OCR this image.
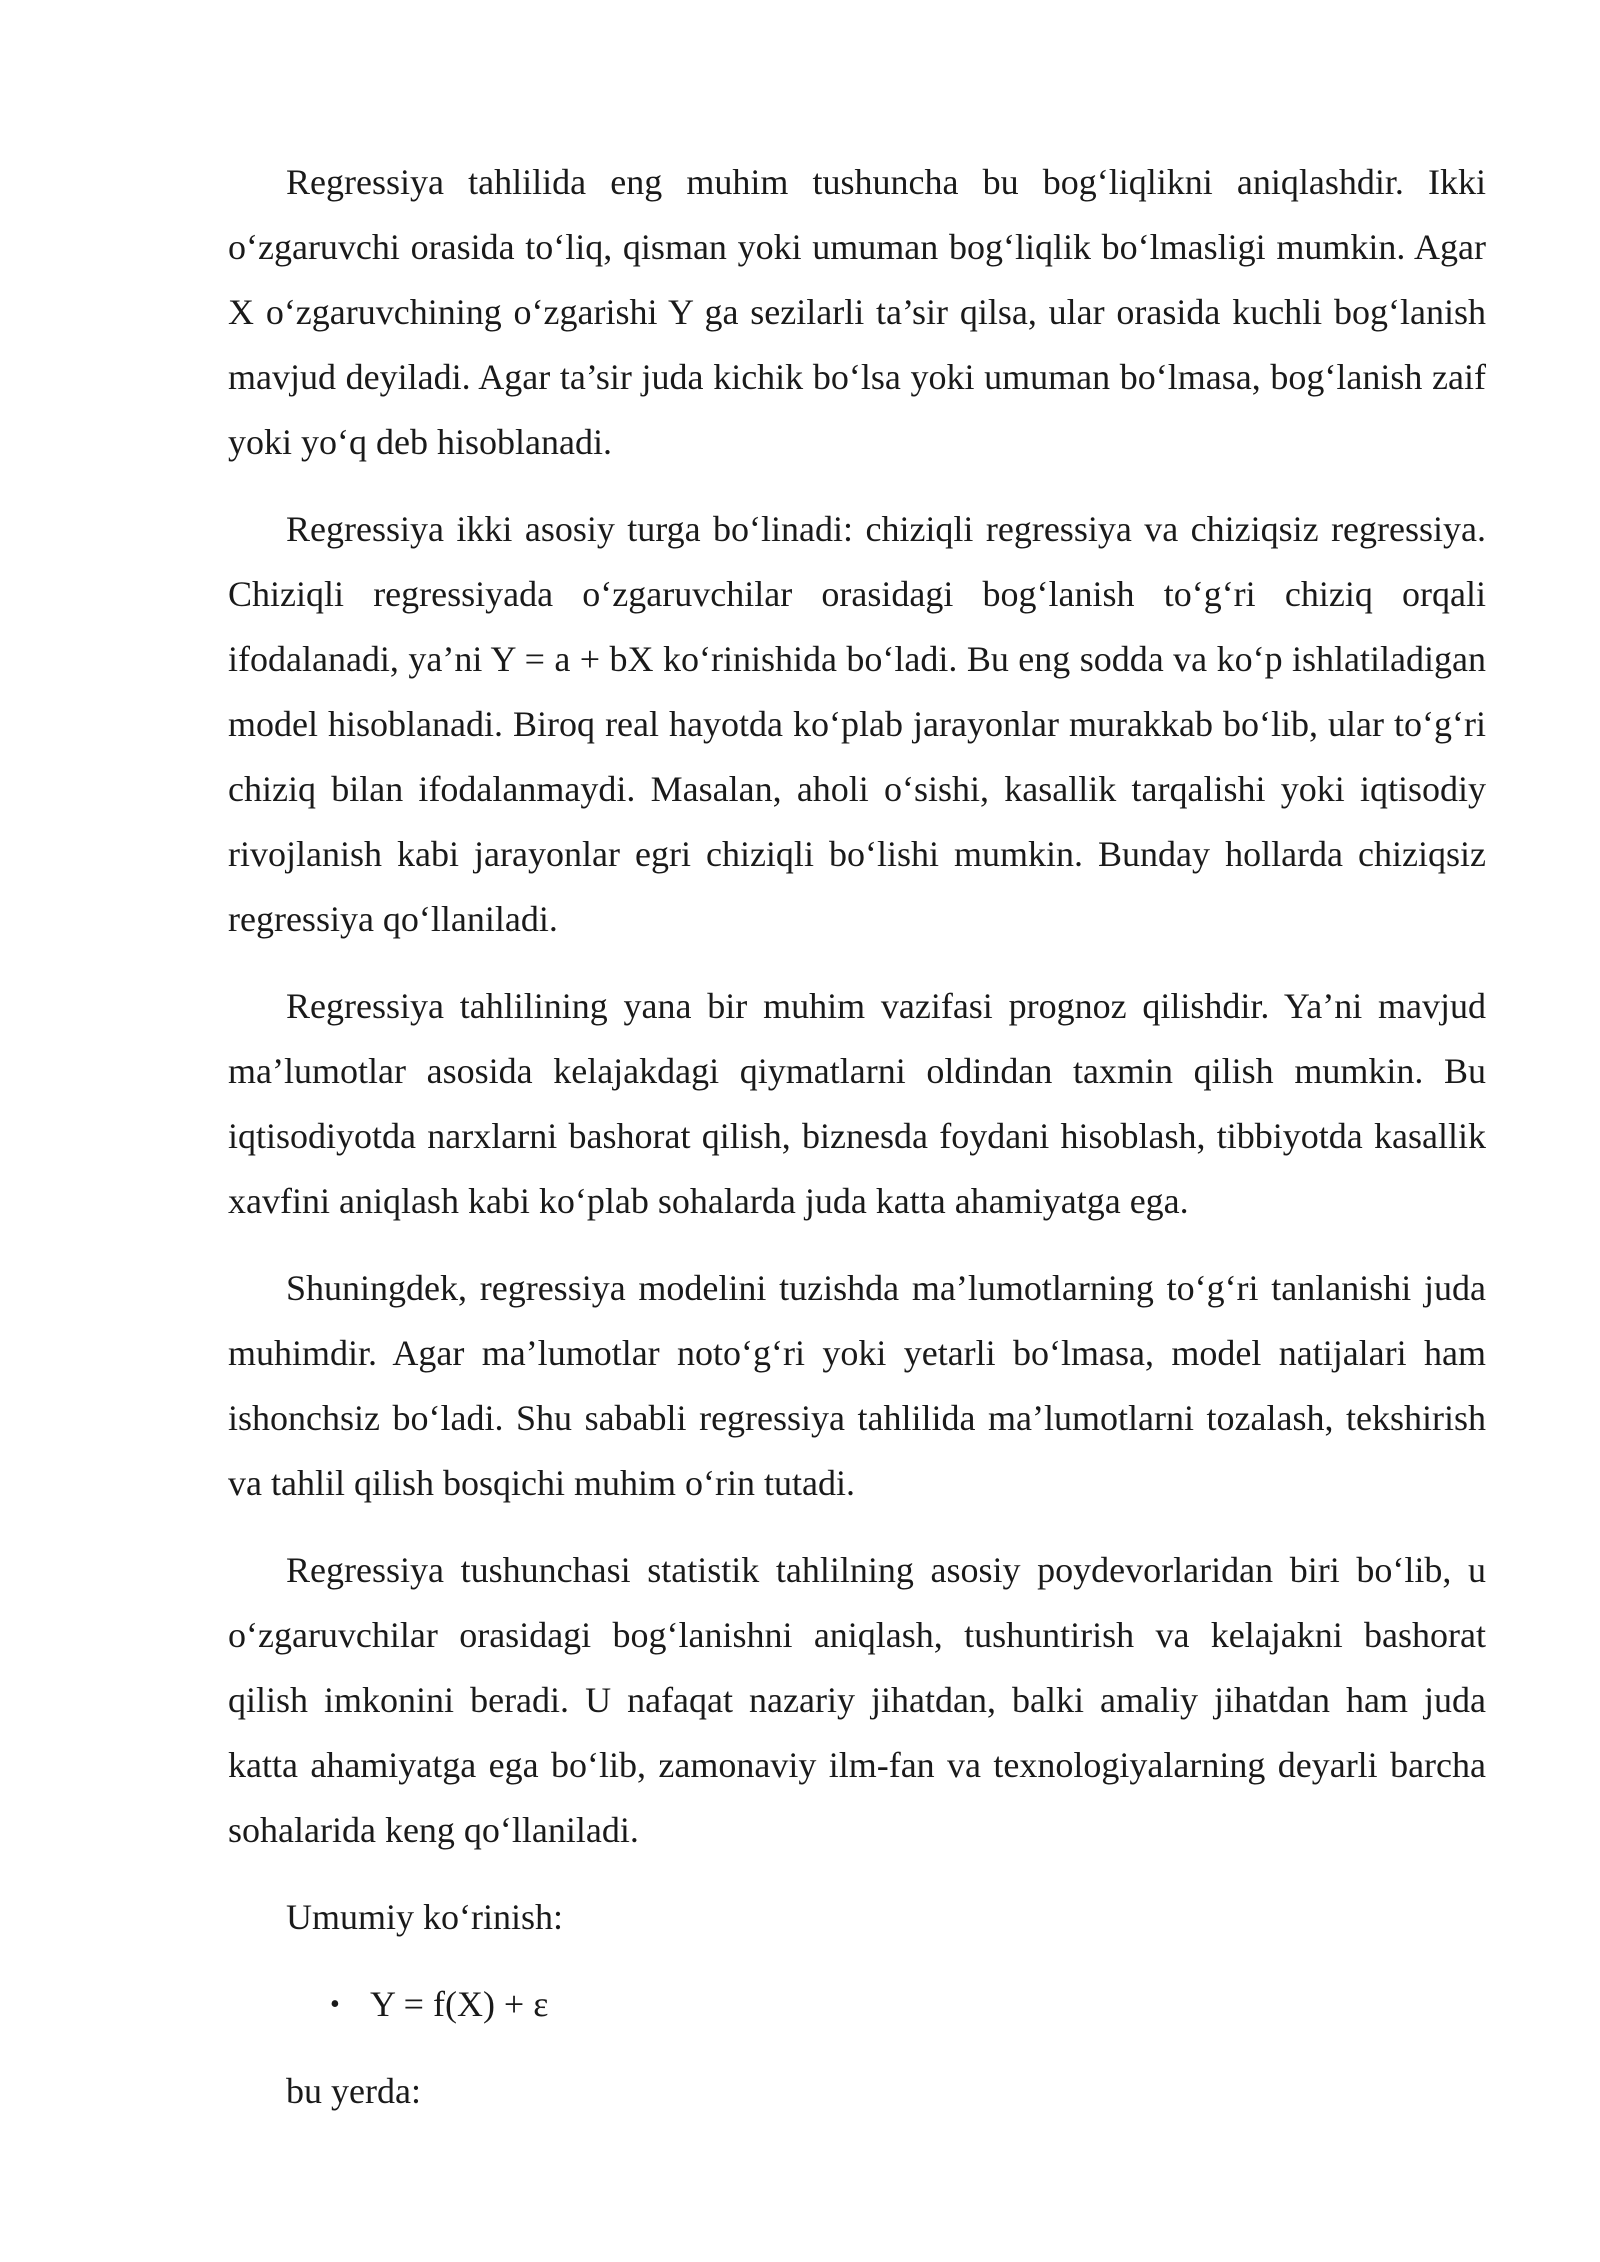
Regressiya tahlilida eng muhim tushuncha bu bog‘liqlikni aniqlashdir. Ikki o‘zgaruvchi orasida to‘liq, qisman yoki umuman bog‘liqlik bo‘lmasligi mumkin. Agar X o‘zgaruvchining o‘zgarishi Y ga sezilarli ta’sir qilsa, ular orasida kuchli bog‘lanish mavjud deyiladi. Agar ta’sir juda kichik bo‘lsa yoki umuman bo‘lmasa, bog‘lanish zaif yoki yo‘q deb hisoblanadi.

Regressiya ikki asosiy turga bo‘linadi: chiziqli regressiya va chiziqsiz regressiya. Chiziqli regressiyada o‘zgaruvchilar orasidagi bog‘lanish to‘g‘ri chiziq orqali ifodalanadi, ya’ni Y = a + bX ko‘rinishida bo‘ladi. Bu eng sodda va ko‘p ishlatiladigan model hisoblanadi. Biroq real hayotda ko‘plab jarayonlar murakkab bo‘lib, ular to‘g‘ri chiziq bilan ifodalanmaydi. Masalan, aholi o‘sishi, kasallik tarqalishi yoki iqtisodiy rivojlanish kabi jarayonlar egri chiziqli bo‘lishi mumkin. Bunday hollarda chiziqsiz regressiya qo‘llaniladi.

Regressiya tahlilining yana bir muhim vazifasi prognoz qilishdir. Ya’ni mavjud ma’lumotlar asosida kelajakdagi qiymatlarni oldindan taxmin qilish mumkin. Bu iqtisodiyotda narxlarni bashorat qilish, biznesda foydani hisoblash, tibbiyotda kasallik xavfini aniqlash kabi ko‘plab sohalarda juda katta ahamiyatga ega.

Shuningdek, regressiya modelini tuzishda ma’lumotlarning to‘g‘ri tanlanishi juda muhimdir. Agar ma’lumotlar noto‘g‘ri yoki yetarli bo‘lmasa, model natijalari ham ishonchsiz bo‘ladi. Shu sababli regressiya tahlilida ma’lumotlarni tozalash, tekshirish va tahlil qilish bosqichi muhim o‘rin tutadi.

Regressiya tushunchasi statistik tahlilning asosiy poydevorlaridan biri bo‘lib, u o‘zgaruvchilar orasidagi bog‘lanishni aniqlash, tushuntirish va kelajakni bashorat qilish imkonini beradi. U nafaqat nazariy jihatdan, balki amaliy jihatdan ham juda katta ahamiyatga ega bo‘lib, zamonaviy ilm-fan va texnologiyalarning deyarli barcha sohalarida keng qo‘llaniladi.

Umumiy ko‘rinish:

• Y = f(X) + ε

bu yerda:
